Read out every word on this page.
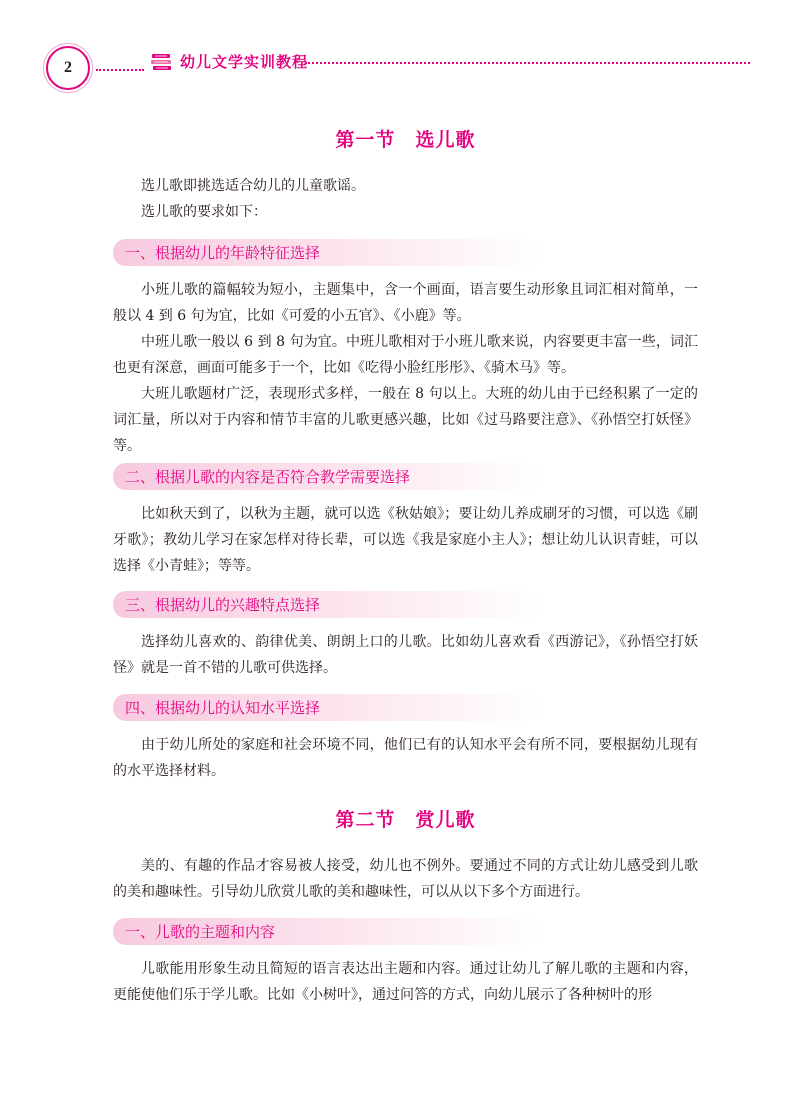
2	幼儿文学实训教程
第一节　选儿歌

选儿歌即挑选适合幼儿的儿童歌谣。

选儿歌的要求如下：

一、根据幼儿的年龄特征选择

小班儿歌的篇幅较为短小，主题集中，含一个画面，语言要生动形象且词汇相对简单，一般以 4 到 6 句为宜，比如《可爱的小五官》、《小鹿》等。

中班儿歌一般以 6 到 8 句为宜。中班儿歌相对于小班儿歌来说，内容要更丰富一些，词汇也更有深意，画面可能多于一个，比如《吃得小脸红彤彤》、《骑木马》等。

大班儿歌题材广泛，表现形式多样，一般在 8 句以上。大班的幼儿由于已经积累了一定的词汇量，所以对于内容和情节丰富的儿歌更感兴趣，比如《过马路要注意》、《孙悟空打妖怪》等。

二、根据儿歌的内容是否符合教学需要选择

比如秋天到了，以秋为主题，就可以选《秋姑娘》；要让幼儿养成刷牙的习惯，可以选《刷牙歌》；教幼儿学习在家怎样对待长辈，可以选《我是家庭小主人》；想让幼儿认识青蛙，可以选择《小青蛙》；等等。

三、根据幼儿的兴趣特点选择

选择幼儿喜欢的、韵律优美、朗朗上口的儿歌。比如幼儿喜欢看《西游记》，《孙悟空打妖怪》就是一首不错的儿歌可供选择。

四、根据幼儿的认知水平选择

由于幼儿所处的家庭和社会环境不同，他们已有的认知水平会有所不同，要根据幼儿现有的水平选择材料。

第二节　赏儿歌

美的、有趣的作品才容易被人接受，幼儿也不例外。要通过不同的方式让幼儿感受到儿歌的美和趣味性。引导幼儿欣赏儿歌的美和趣味性，可以从以下多个方面进行。

一、儿歌的主题和内容

儿歌能用形象生动且简短的语言表达出主题和内容。通过让幼儿了解儿歌的主题和内容，更能使他们乐于学儿歌。比如《小树叶》，通过问答的方式，向幼儿展示了各种树叶的形
